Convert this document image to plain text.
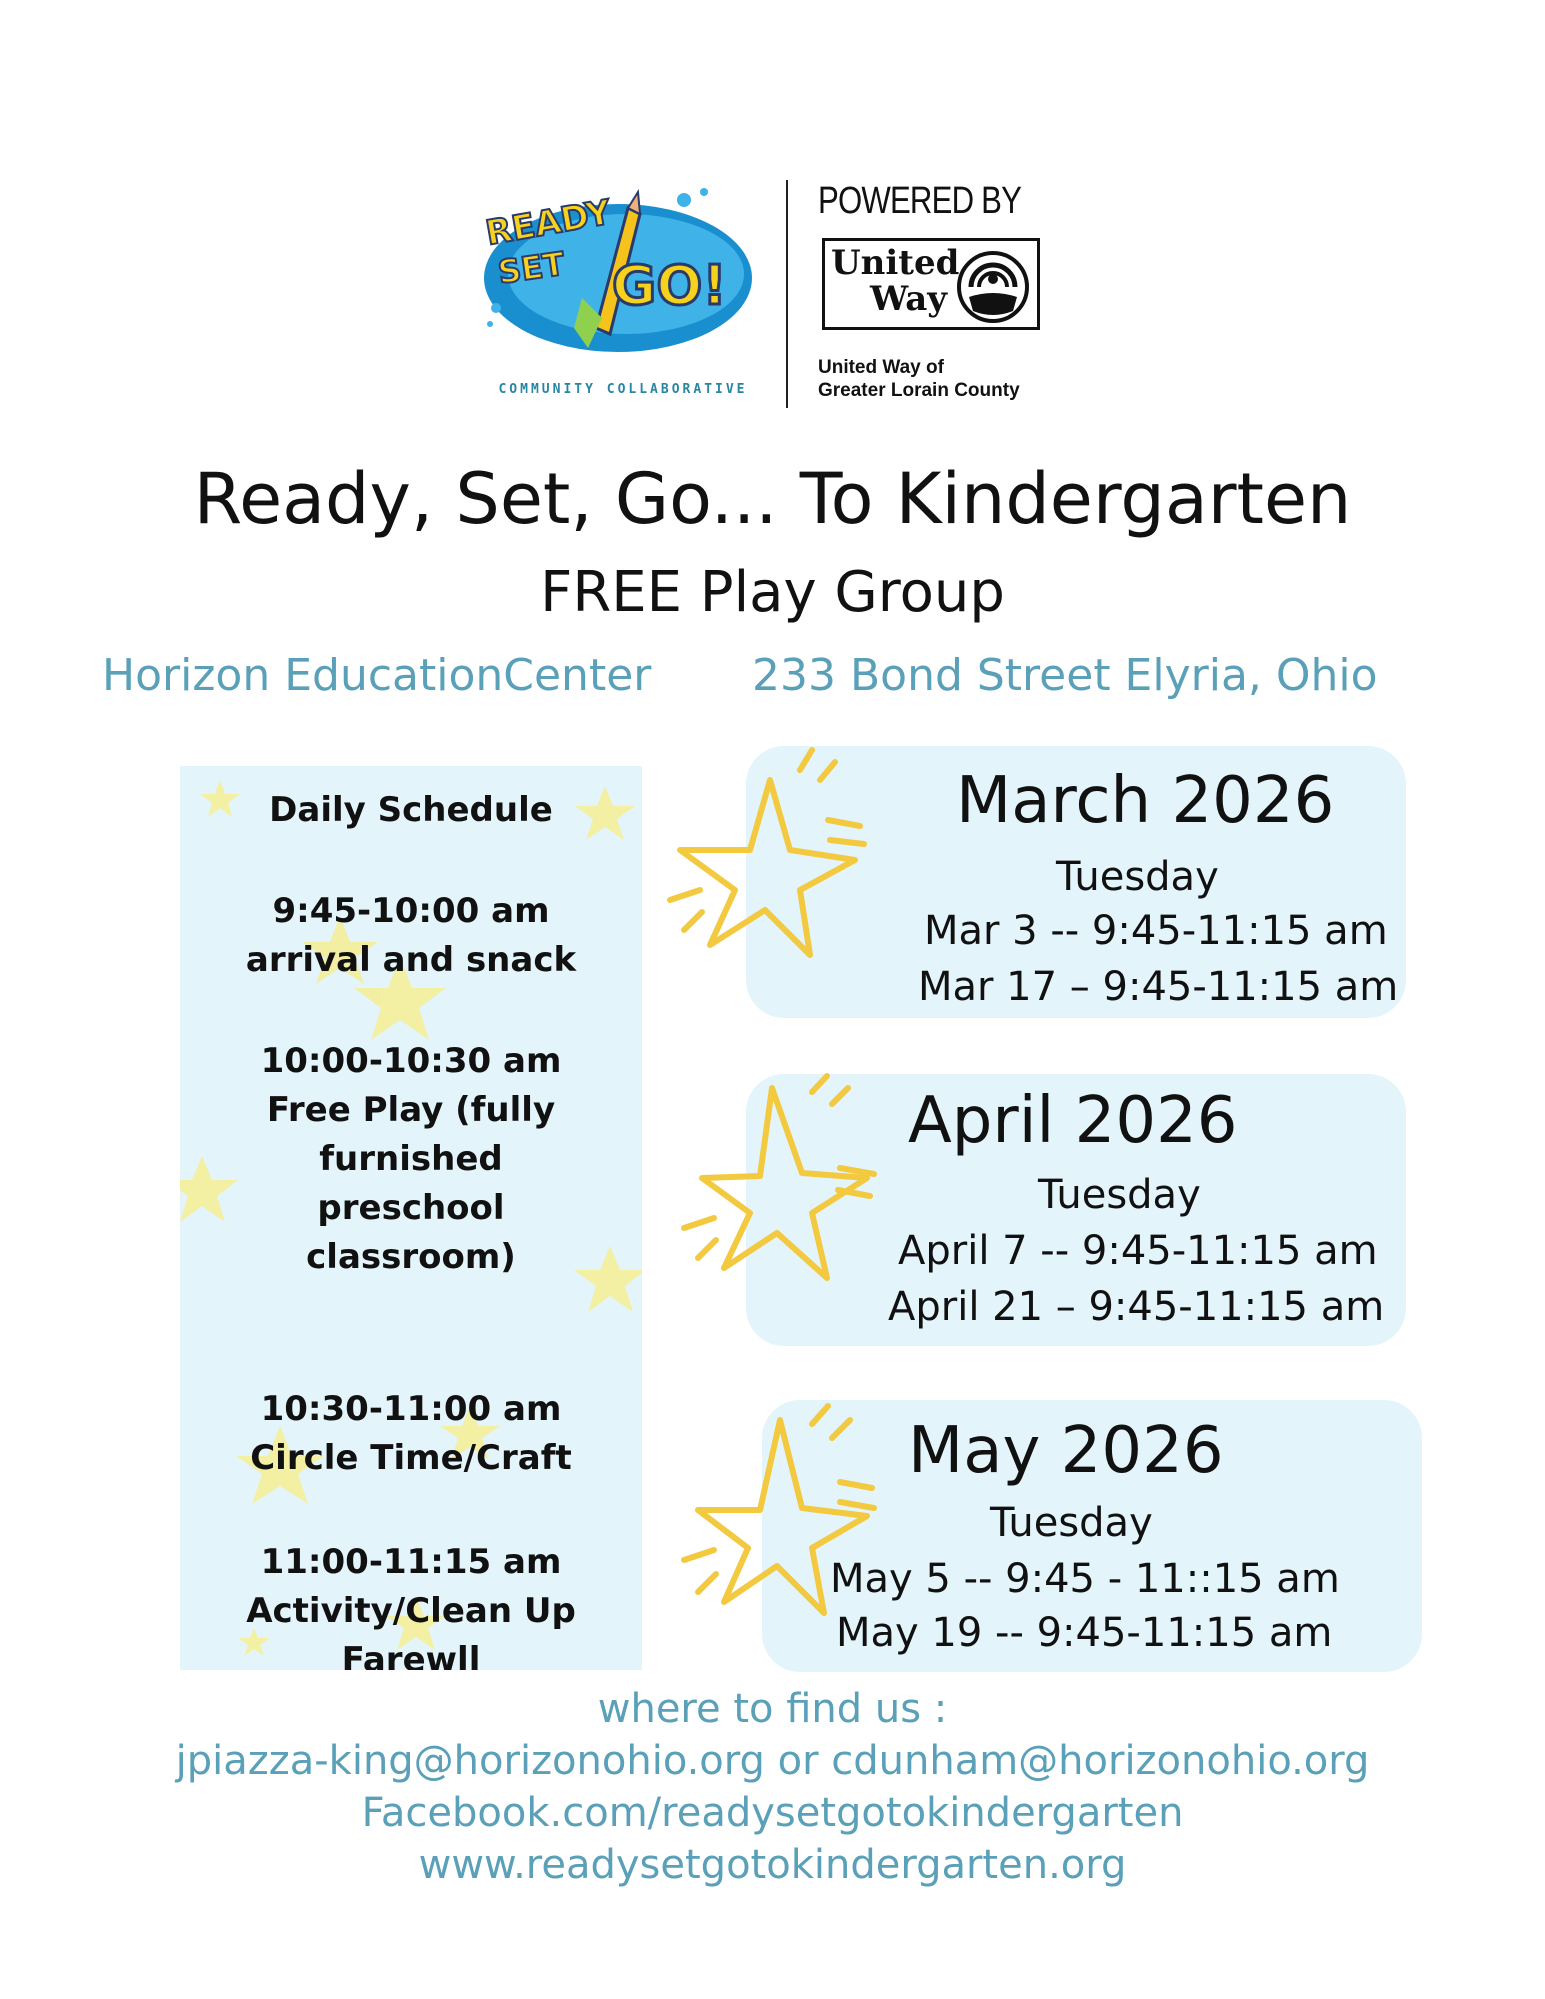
READY
SET GO!
COMMUNITY COLLABORATIVE
POWERED BY
United
Way
United Way of
Greater Lorain County
Ready, Set, Go... To Kindergarten
FREE Play Group
Horizon EducationCenter 233 Bond Street Elyria, Ohio
Daily Schedule
9:45-10:00 am
arrival and snack
10:00-10:30 am
Free Play (fully
furnished
preschool
classroom)
10:30-11:00 am
Circle Time/Craft
11:00-11:15 am
Activity/Clean Up
Farewll
March 2026
Tuesday
Mar 3 -- 9:45-11:15 am
Mar 17 – 9:45-11:15 am
April 2026
Tuesday
April 7 -- 9:45-11:15 am
April 21 – 9:45-11:15 am
May 2026
Tuesday
May 5 -- 9:45 - 11::15 am
May 19 -- 9:45-11:15 am
where to find us :
jpiazza-king@horizonohio.org or cdunham@horizonohio.org
Facebook.com/readysetgotokindergarten
www.readysetgotokindergarten.org
